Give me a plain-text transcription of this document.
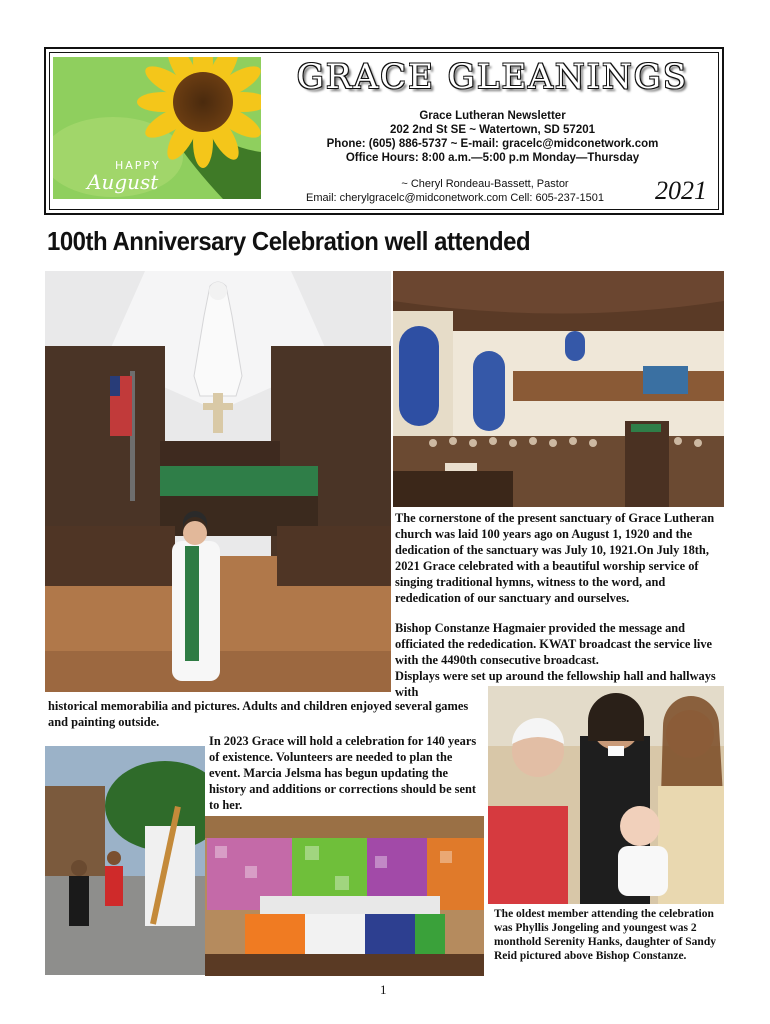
HAPPY
August
GRACE GLEANINGS
Grace Lutheran Newsletter
202 2nd St SE ~ Watertown, SD 57201
Phone: (605) 886-5737 ~ E-mail: gracelc@midconetwork.com
Office Hours: 8:00 a.m.—5:00 p.m Monday—Thursday
~ Cheryl Rondeau-Bassett, Pastor
Email: cherylgracelc@midconetwork.com Cell: 605-237-1501	2021
100th Anniversary Celebration well attended
The cornerstone of the present sanctuary of Grace Lutheran church was laid 100 years ago on August 1, 1920 and the dedication of the sanctuary was July 10, 1921.On July 18th, 2021 Grace celebrated with a beautiful worship service of singing traditional hymns, witness to the word, and rededication of our sanctuary and ourselves.
Bishop Constanze Hagmaier provided the message and officiated the rededication. KWAT broadcast the service live with the 4490th consecutive broadcast.
Displays were set up around the fellowship hall and hallways with
historical memorabilia and pictures. Adults and children enjoyed several games and painting outside.
In 2023 Grace will hold a celebration for 140 years of existence. Volunteers are needed to plan the event. Marcia Jelsma has begun updating the history and additions or corrections should be sent to her.
The oldest member attending the celebration was Phyllis Jongeling and youngest was 2 monthold Serenity Hanks, daughter of Sandy Reid pictured above Bishop Constanze.
1
